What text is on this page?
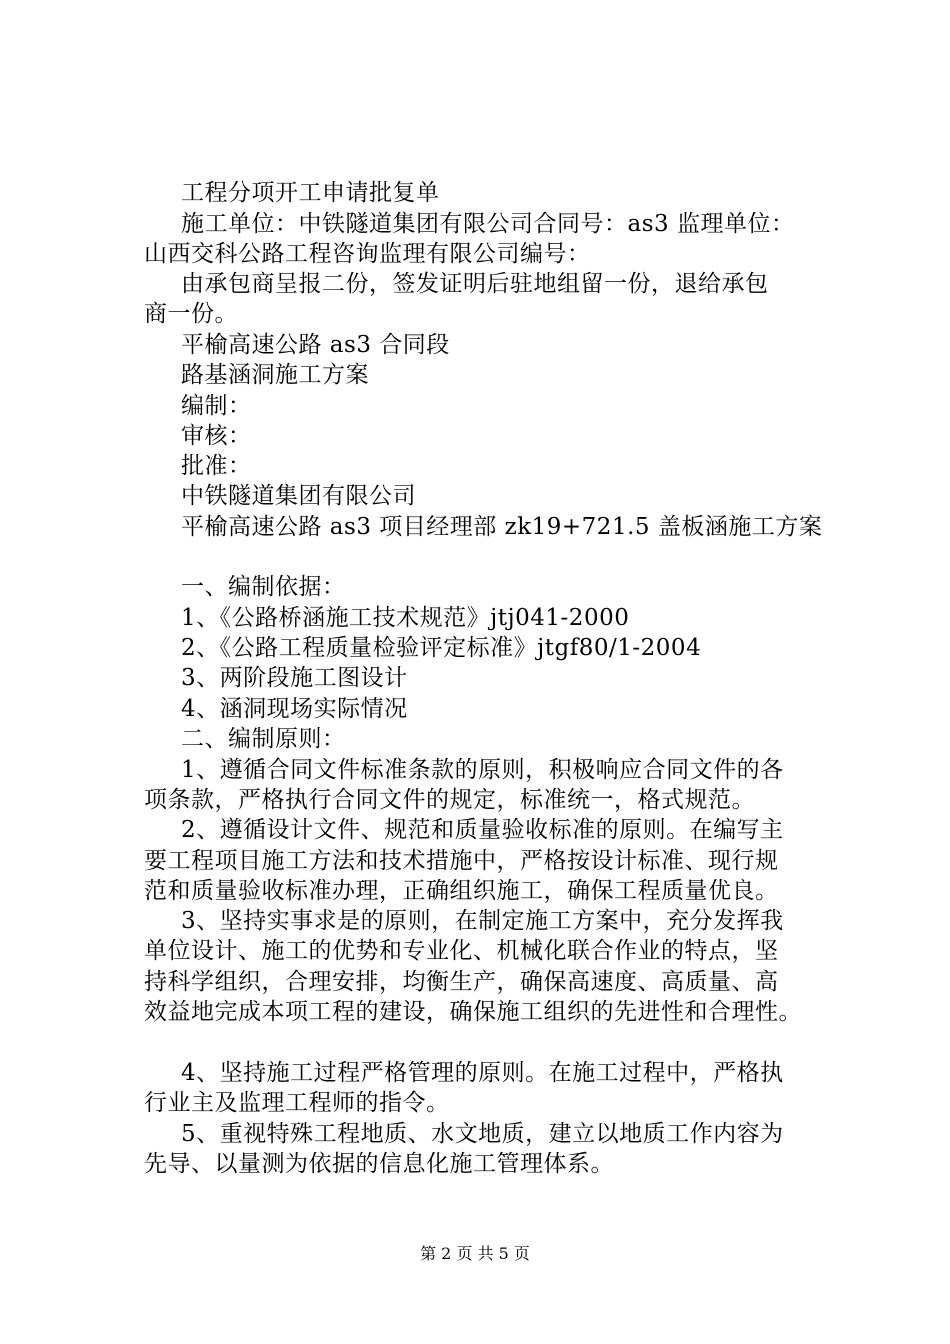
工程分项开工申请批复单
施工单位：中铁隧道集团有限公司合同号：as3 监理单位：
山西交科公路工程咨询监理有限公司编号：
由承包商呈报二份，签发证明后驻地组留一份，退给承包
商一份。
平榆高速公路 as3 合同段
路基涵洞施工方案
编制：
审核：
批准：
中铁隧道集团有限公司
平榆高速公路 as3 项目经理部 zk19+721.5 盖板涵施工方案
一、编制依据：
1、《公路桥涵施工技术规范》jtj041-2000
2、《公路工程质量检验评定标准》jtgf80/1-2004
3、两阶段施工图设计
4、涵洞现场实际情况
二、编制原则：
1、遵循合同文件标准条款的原则，积极响应合同文件的各
项条款，严格执行合同文件的规定，标准统一，格式规范。
2、遵循设计文件、规范和质量验收标准的原则。在编写主
要工程项目施工方法和技术措施中，严格按设计标准、现行规
范和质量验收标准办理，正确组织施工，确保工程质量优良。
3、坚持实事求是的原则，在制定施工方案中，充分发挥我
单位设计、施工的优势和专业化、机械化联合作业的特点，坚
持科学组织，合理安排，均衡生产，确保高速度、高质量、高
效益地完成本项工程的建设，确保施工组织的先进性和合理性。
4、坚持施工过程严格管理的原则。在施工过程中，严格执
行业主及监理工程师的指令。
5、重视特殊工程地质、水文地质，建立以地质工作内容为
先导、以量测为依据的信息化施工管理体系。
第 2 页 共 5 页
